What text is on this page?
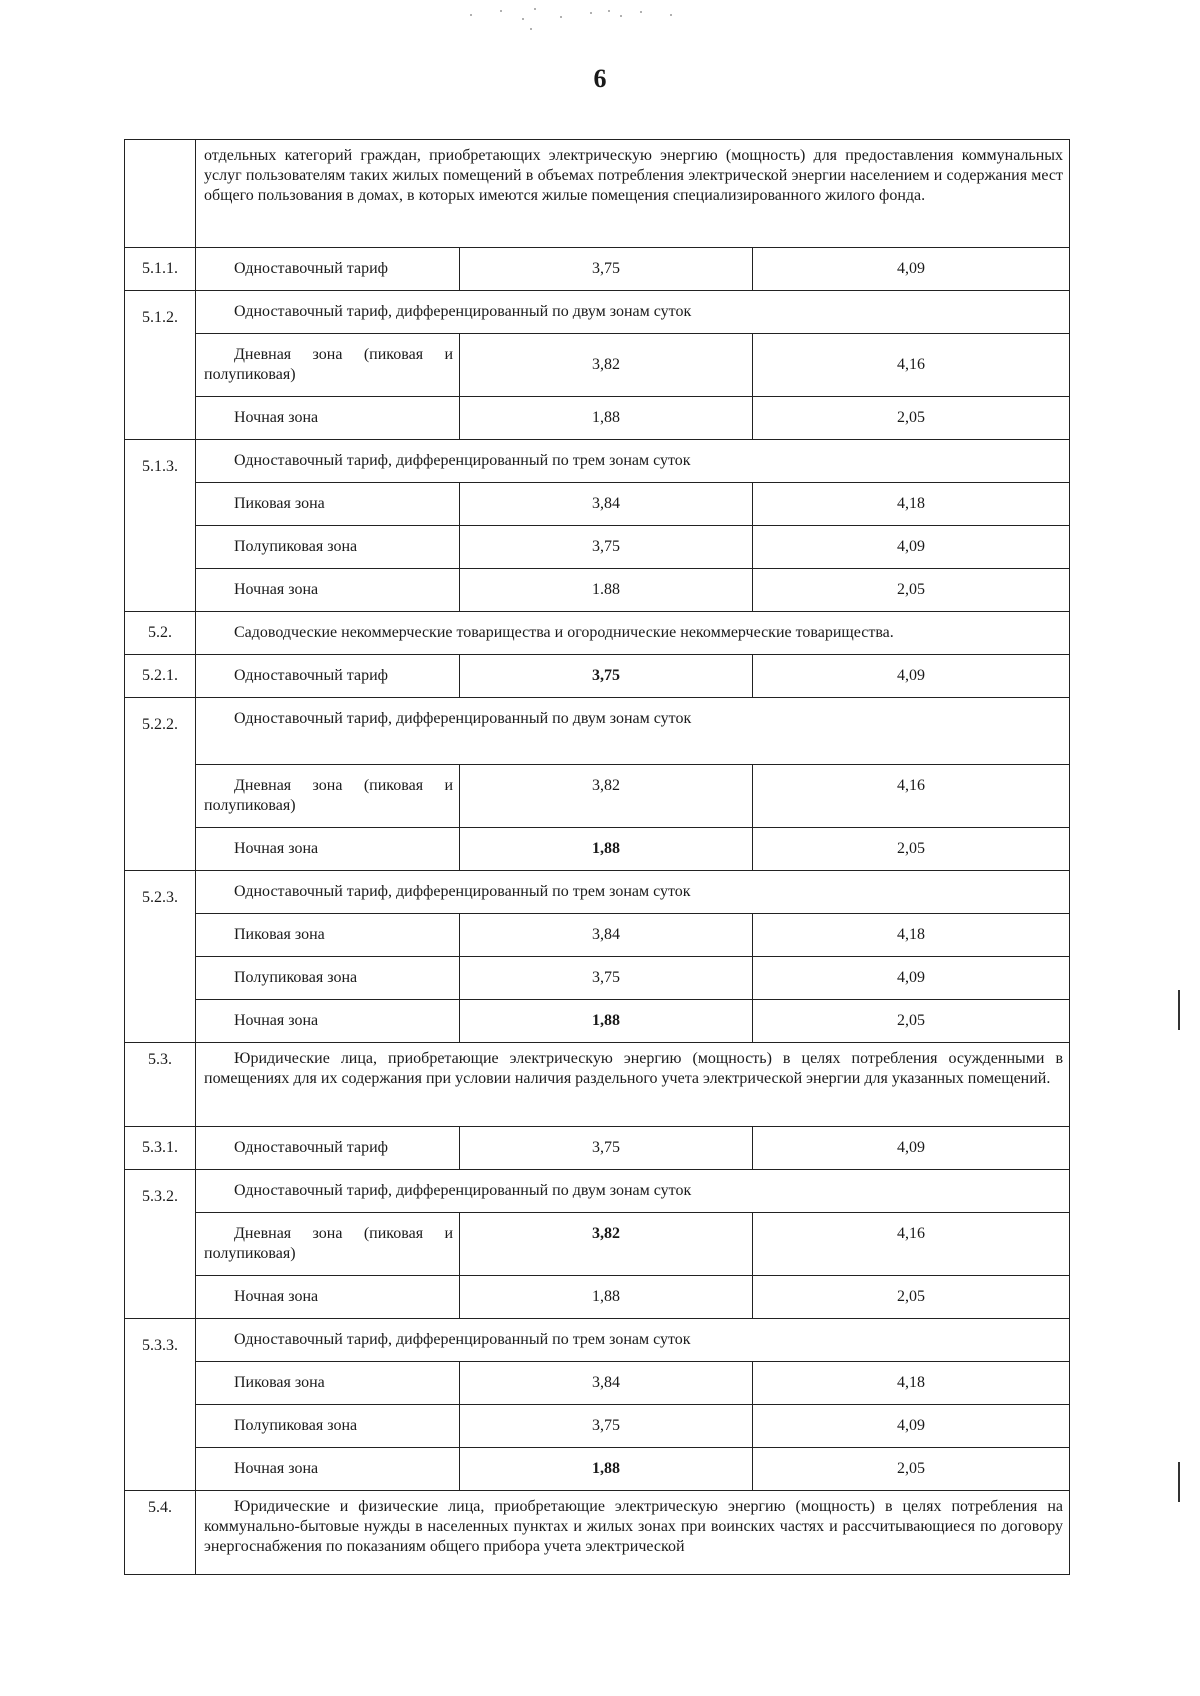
6
	отдельных категорий граждан, приобретающих электрическую энергию (мощность) для предоставления коммунальных услуг пользователям таких жилых помещений в объемах потребления электрической энергии населением и содержания мест общего пользования в домах, в которых имеются жилые помещения специализированного жилого фонда.		
5.1.1.	Одноставочный тариф	3,75	4,09
5.1.2.	Одноставочный тариф, дифференцированный по двум зонам суток		
	Дневная зона (пиковая и полупиковая)	3,82	4,16
	Ночная зона	1,88	2,05
5.1.3.	Одноставочный тариф, дифференцированный по трем зонам суток		
	Пиковая зона	3,84	4,18
	Полупиковая зона	3,75	4,09
	Ночная зона	1.88	2,05
5.2.	Садоводческие некоммерческие товарищества и огороднические некоммерческие товарищества.		
5.2.1.	Одноставочный тариф	3,75	4,09
5.2.2.	Одноставочный тариф, дифференцированный по двум зонам суток		
	Дневная зона (пиковая и полупиковая)	3,82	4,16
	Ночная зона	1,88	2,05
5.2.3.	Одноставочный тариф, дифференцированный по трем зонам суток		
	Пиковая зона	3,84	4,18
	Полупиковая зона	3,75	4,09
	Ночная зона	1,88	2,05
5.3.	Юридические лица, приобретающие электрическую энергию (мощность) в целях потребления осужденными в помещениях для их содержания при условии наличия раздельного учета электрической энергии для указанных помещений.		
5.3.1.	Одноставочный тариф	3,75	4,09
5.3.2.	Одноставочный тариф, дифференцированный по двум зонам суток		
	Дневная зона (пиковая и полупиковая)	3,82	4,16
	Ночная зона	1,88	2,05
5.3.3.	Одноставочный тариф, дифференцированный по трем зонам суток		
	Пиковая зона	3,84	4,18
	Полупиковая зона	3,75	4,09
	Ночная зона	1,88	2,05
5.4.	Юридические и физические лица, приобретающие электрическую энергию (мощность) в целях потребления на коммунально-бытовые нужды в населенных пунктах и жилых зонах при воинских частях и рассчитывающиеся по договору энергоснабжения по показаниям общего прибора учета электрической		
